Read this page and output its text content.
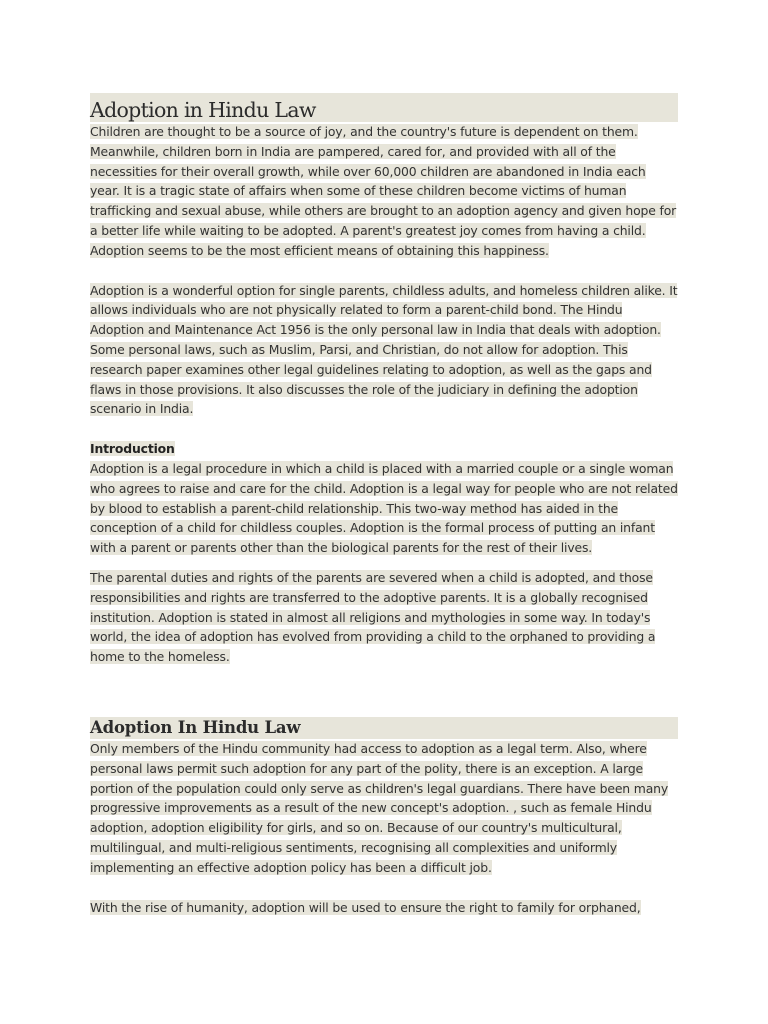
Adoption in Hindu Law

Children are thought to be a source of joy, and the country's future is dependent on them. Meanwhile, children born in India are pampered, cared for, and provided with all of the necessities for their overall growth, while over 60,000 children are abandoned in India each year. It is a tragic state of affairs when some of these children become victims of human trafficking and sexual abuse, while others are brought to an adoption agency and given hope for a better life while waiting to be adopted. A parent's greatest joy comes from having a child. Adoption seems to be the most efficient means of obtaining this happiness.

Adoption is a wonderful option for single parents, childless adults, and homeless children alike. It allows individuals who are not physically related to form a parent-child bond. The Hindu Adoption and Maintenance Act 1956 is the only personal law in India that deals with adoption. Some personal laws, such as Muslim, Parsi, and Christian, do not allow for adoption. This research paper examines other legal guidelines relating to adoption, as well as the gaps and flaws in those provisions. It also discusses the role of the judiciary in defining the adoption scenario in India.

Introduction

Adoption is a legal procedure in which a child is placed with a married couple or a single woman who agrees to raise and care for the child. Adoption is a legal way for people who are not related by blood to establish a parent-child relationship. This two-way method has aided in the conception of a child for childless couples. Adoption is the formal process of putting an infant with a parent or parents other than the biological parents for the rest of their lives.

The parental duties and rights of the parents are severed when a child is adopted, and those responsibilities and rights are transferred to the adoptive parents. It is a globally recognised institution. Adoption is stated in almost all religions and mythologies in some way. In today's world, the idea of adoption has evolved from providing a child to the orphaned to providing a home to the homeless.

Adoption In Hindu Law

Only members of the Hindu community had access to adoption as a legal term. Also, where personal laws permit such adoption for any part of the polity, there is an exception. A large portion of the population could only serve as children's legal guardians. There have been many progressive improvements as a result of the new concept's adoption. , such as female Hindu adoption, adoption eligibility for girls, and so on. Because of our country's multicultural, multilingual, and multi-religious sentiments, recognising all complexities and uniformly implementing an effective adoption policy has been a difficult job.

With the rise of humanity, adoption will be used to ensure the right to family for orphaned,
